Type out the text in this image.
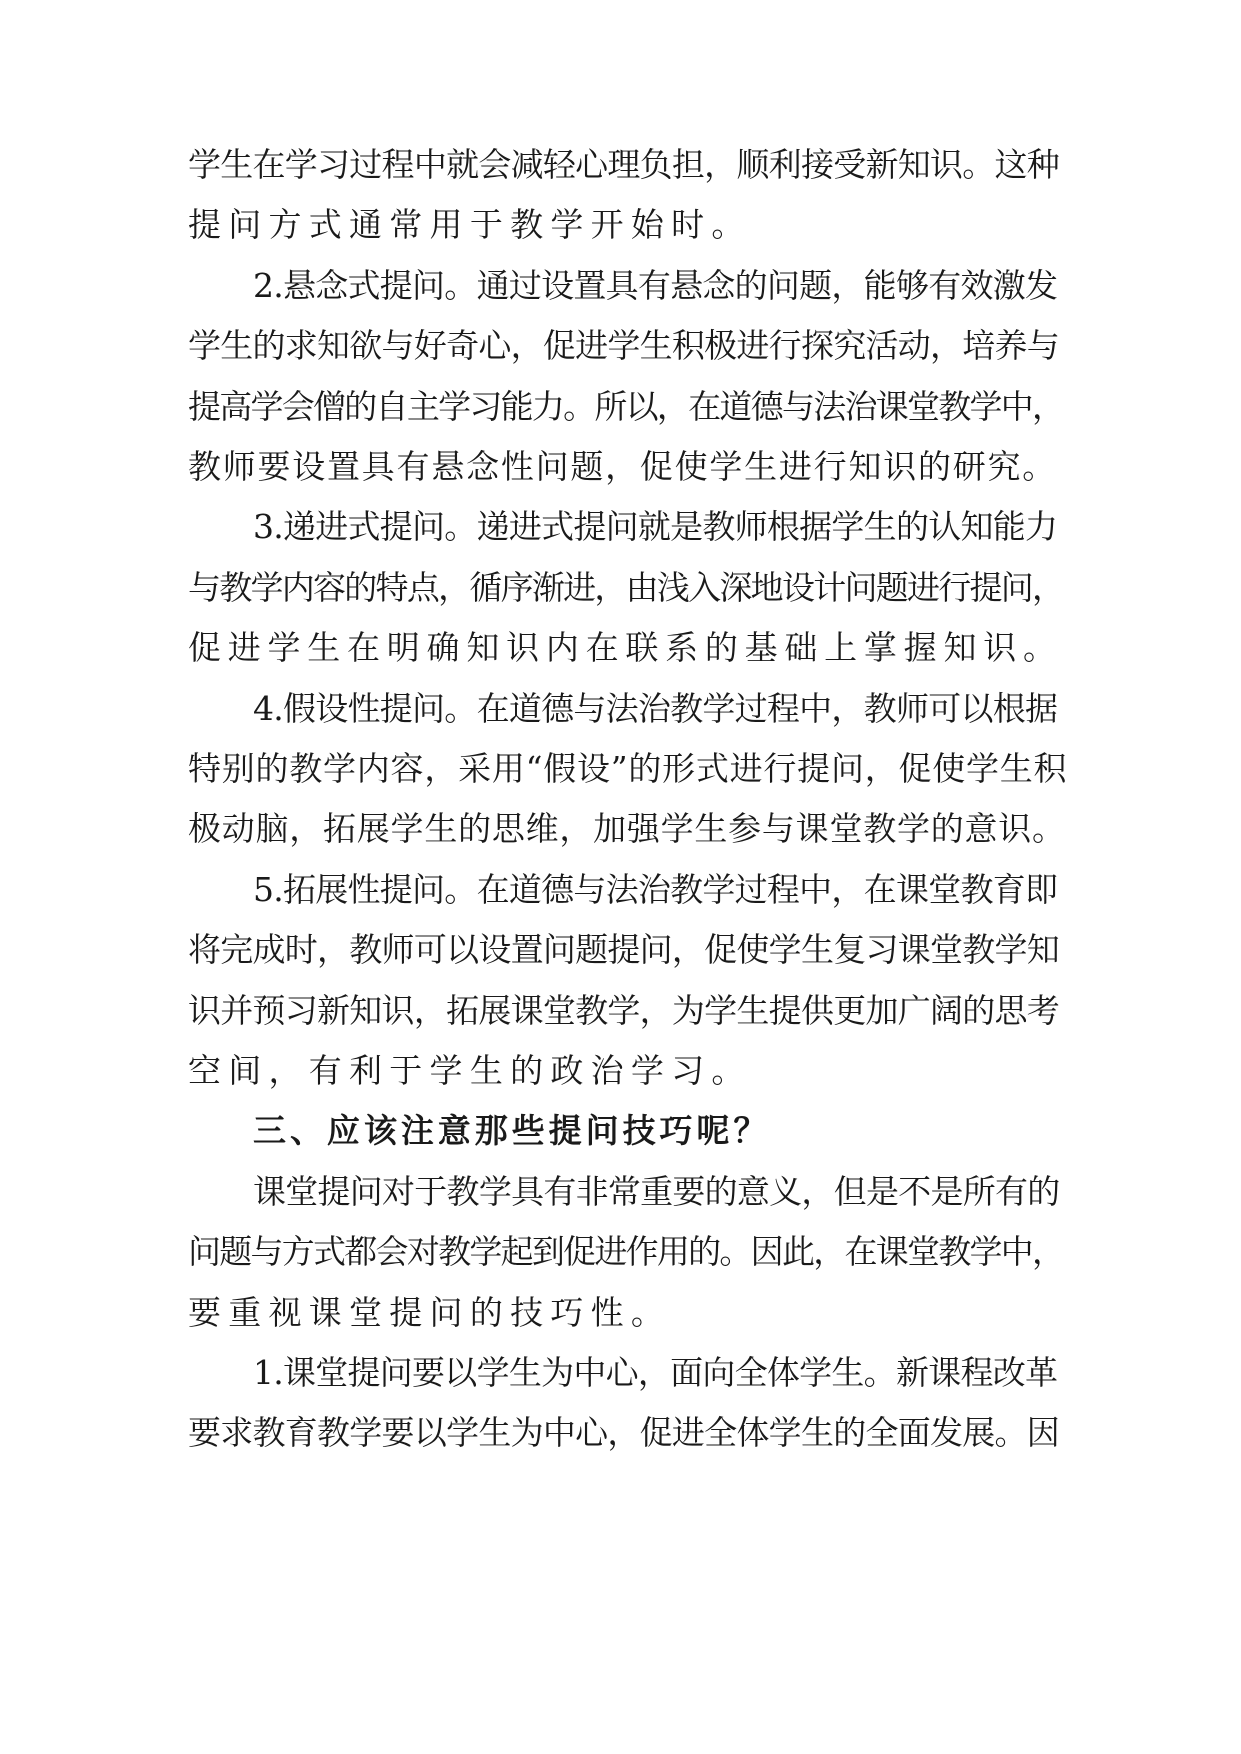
学生在学习过程中就会减轻心理负担，顺利接受新知识。这种

提问方式通常用于教学开始时。

2.悬念式提问。通过设置具有悬念的问题，能够有效激发

学生的求知欲与好奇心，促进学生积极进行探究活动，培养与

提高学会僧的自主学习能力。所以，在道德与法治课堂教学中，

教师要设置具有悬念性问题，促使学生进行知识的研究。

3.递进式提问。递进式提问就是教师根据学生的认知能力

与教学内容的特点，循序渐进，由浅入深地设计问题进行提问，

促进学生在明确知识内在联系的基础上掌握知识。

4.假设性提问。在道德与法治教学过程中，教师可以根据

特别的教学内容，采用“假设”的形式进行提问，促使学生积

极动脑，拓展学生的思维，加强学生参与课堂教学的意识。

5.拓展性提问。在道德与法治教学过程中，在课堂教育即

将完成时，教师可以设置问题提问，促使学生复习课堂教学知

识并预习新知识，拓展课堂教学，为学生提供更加广阔的思考

空间，有利于学生的政治学习。

三、应该注意那些提问技巧呢？

课堂提问对于教学具有非常重要的意义，但是不是所有的

问题与方式都会对教学起到促进作用的。因此，在课堂教学中，

要重视课堂提问的技巧性。

1.课堂提问要以学生为中心，面向全体学生。新课程改革

要求教育教学要以学生为中心，促进全体学生的全面发展。因
